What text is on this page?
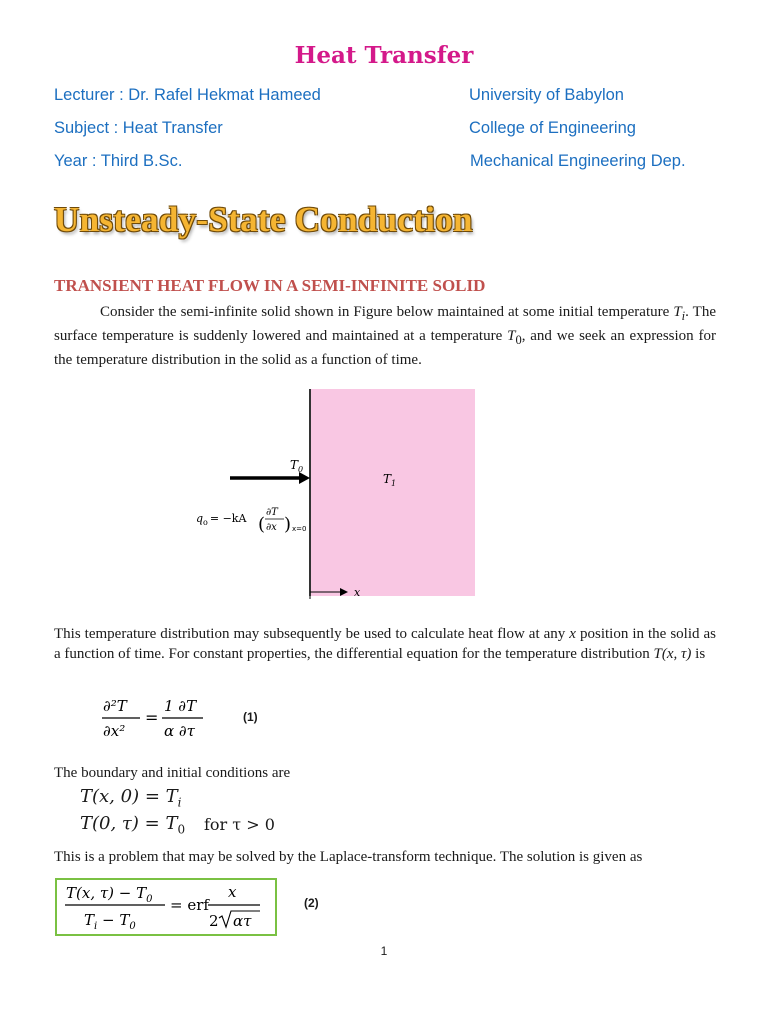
Heat Transfer
Lecturer : Dr. Rafel Hekmat Hameed	University of Babylon
Subject : Heat Transfer	College of Engineering
Year : Third B.Sc.	Mechanical Engineering Dep.
Unsteady-State Conduction
TRANSIENT HEAT FLOW IN A SEMI-INFINITE SOLID
Consider the semi-infinite solid shown in Figure below maintained at some initial temperature $T_i$. The surface temperature is suddenly lowered and maintained at a temperature $T_0$, and we seek an expression for the temperature distribution in the solid as a function of time.
$T_0$
$T_1$
$q_o = -kA$ (
∂T
∂x ) x=0
x
This temperature distribution may subsequently be used to calculate heat flow at any x position in the solid as a function of time. For constant properties, the differential equation for the temperature distribution T(x, τ) is
∂²T
∂x²
=
1 ∂T
α ∂τ
(1)
The boundary and initial conditions are
T(x, $0) = T_i$
T(0, $\tau) = T_0$ for τ > 0
This is a problem that may be solved by the Laplace-transform technique. The solution is given as
T(x, $\tau) - T_0$
$T_i - T_0$
= erf
x
2 ατ
(2)
1
